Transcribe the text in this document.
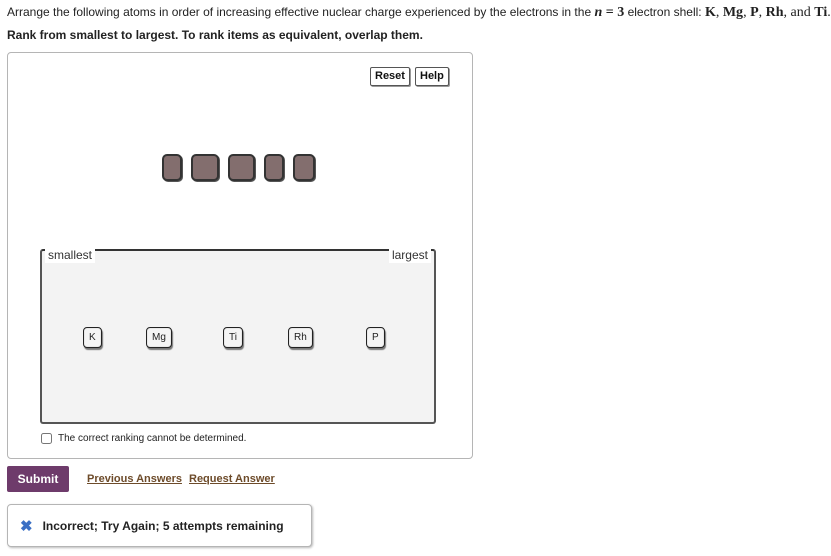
Arrange the following atoms in order of increasing effective nuclear charge experienced by the electrons in the n = 3 electron shell: K, Mg, P, Rh, and Ti.
Rank from smallest to largest. To rank items as equivalent, overlap them.
Reset	Help
smallest	largest
K	Mg	Ti	Rh	P
The correct ranking cannot be determined.
Submit	Previous Answers Request Answer
✖ Incorrect; Try Again; 5 attempts remaining
